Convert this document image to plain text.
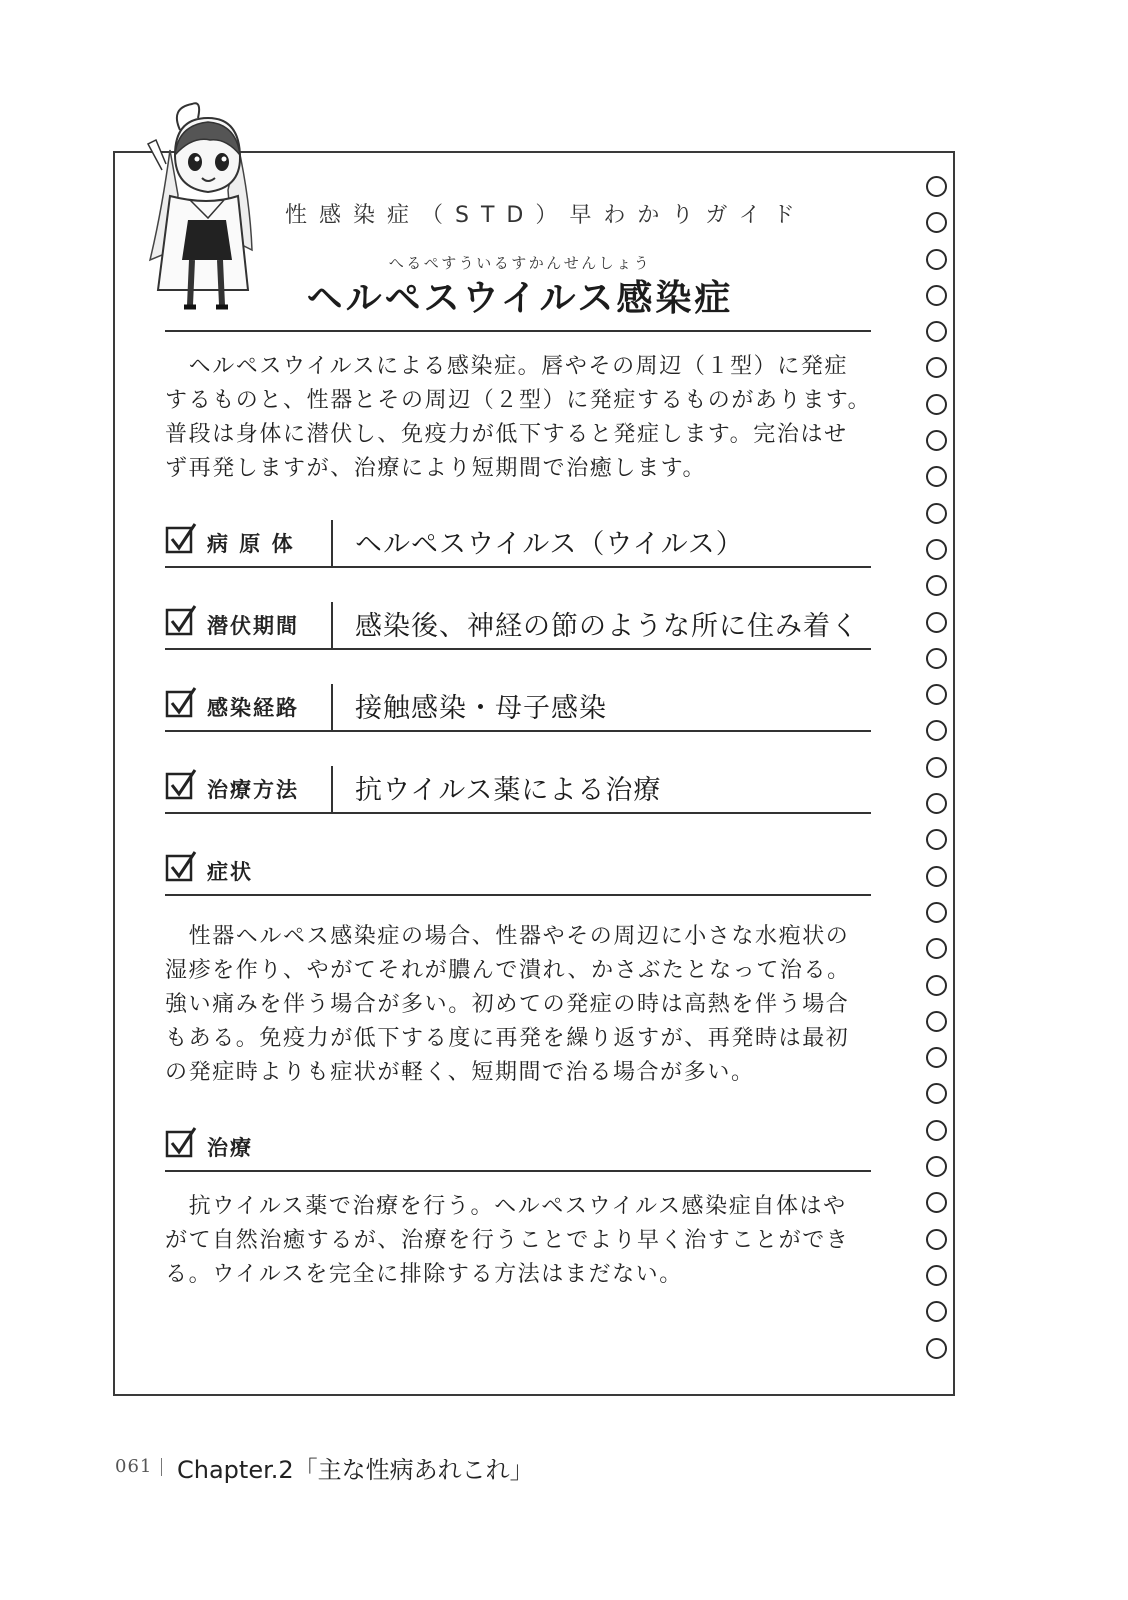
性感染症（STD）早わかりガイド
へるぺすういるすかんせんしょう
ヘルペスウイルス感染症

　ヘルペスウイルスによる感染症。唇やその周辺（１型）に発症
するものと、性器とその周辺（２型）に発症するものがあります。
普段は身体に潜伏し、免疫力が低下すると発症します。完治はせ
ず再発しますが、治療により短期間で治癒します。

病 原 体 ヘルペスウイルス（ウイルス）
潜伏期間 感染後、神経の節のような所に住み着く
感染経路 接触感染・母子感染
治療方法 抗ウイルス薬による治療
症状

　性器ヘルペス感染症の場合、性器やその周辺に小さな水疱状の
湿疹を作り、やがてそれが膿んで潰れ、かさぶたとなって治る。
強い痛みを伴う場合が多い。初めての発症の時は高熱を伴う場合
もある。免疫力が低下する度に再発を繰り返すが、再発時は最初
の発症時よりも症状が軽く、短期間で治る場合が多い。

治療

　抗ウイルス薬で治療を行う。ヘルペスウイルス感染症自体はや
がて自然治癒するが、治療を行うことでより早く治すことができ
る。ウイルスを完全に排除する方法はまだない。

061 Chapter.2「主な性病あれこれ」
